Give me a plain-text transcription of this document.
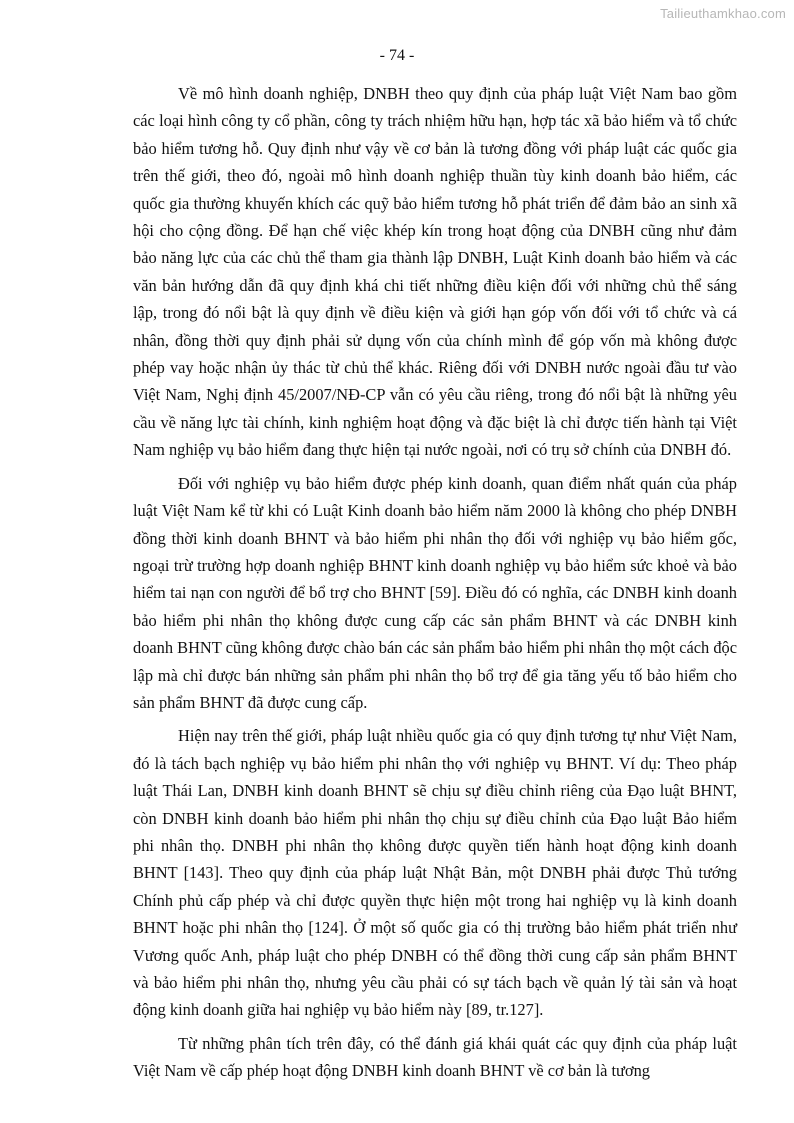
Tailieuthamkhao.com
- 74 -

Về mô hình doanh nghiệp, DNBH theo quy định của pháp luật Việt Nam bao gồm các loại hình công ty cổ phần, công ty trách nhiệm hữu hạn, hợp tác xã bảo hiểm và tổ chức bảo hiểm tương hỗ. Quy định như vậy về cơ bản là tương đồng với pháp luật các quốc gia trên thế giới, theo đó, ngoài mô hình doanh nghiệp thuần tùy kinh doanh bảo hiểm, các quốc gia thường khuyến khích các quỹ bảo hiểm tương hỗ phát triển để đảm bảo an sinh xã hội cho cộng đồng. Để hạn chế việc khép kín trong hoạt động của DNBH cũng như đảm bảo năng lực của các chủ thể tham gia thành lập DNBH, Luật Kinh doanh bảo hiểm và các văn bản hướng dẫn đã quy định khá chi tiết những điều kiện đối với những chủ thể sáng lập, trong đó nổi bật là quy định về điều kiện và giới hạn góp vốn đối với tổ chức và cá nhân, đồng thời quy định phải sử dụng vốn của chính mình để góp vốn mà không được phép vay hoặc nhận ủy thác từ chủ thể khác. Riêng đối với DNBH nước ngoài đầu tư vào Việt Nam, Nghị định 45/2007/NĐ-CP vẫn có yêu cầu riêng, trong đó nổi bật là những yêu cầu về năng lực tài chính, kinh nghiệm hoạt động và đặc biệt là chỉ được tiến hành tại Việt Nam nghiệp vụ bảo hiểm đang thực hiện tại nước ngoài, nơi có trụ sở chính của DNBH đó.

Đối với nghiệp vụ bảo hiểm được phép kinh doanh, quan điểm nhất quán của pháp luật Việt Nam kể từ khi có Luật Kinh doanh bảo hiểm năm 2000 là không cho phép DNBH đồng thời kinh doanh BHNT và bảo hiểm phi nhân thọ đối với nghiệp vụ bảo hiểm gốc, ngoại trừ trường hợp doanh nghiệp BHNT kinh doanh nghiệp vụ bảo hiểm sức khoẻ và bảo hiểm tai nạn con người để bổ trợ cho BHNT [59]. Điều đó có nghĩa, các DNBH kinh doanh bảo hiểm phi nhân thọ không được cung cấp các sản phẩm BHNT và các DNBH kinh doanh BHNT cũng không được chào bán các sản phẩm bảo hiểm phi nhân thọ một cách độc lập mà chỉ được bán những sản phẩm phi nhân thọ bổ trợ để gia tăng yếu tố bảo hiểm cho sản phẩm BHNT đã được cung cấp.

Hiện nay trên thế giới, pháp luật nhiều quốc gia có quy định tương tự như Việt Nam, đó là tách bạch nghiệp vụ bảo hiểm phi nhân thọ với nghiệp vụ BHNT. Ví dụ: Theo pháp luật Thái Lan, DNBH kinh doanh BHNT sẽ chịu sự điều chỉnh riêng của Đạo luật BHNT, còn DNBH kinh doanh bảo hiểm phi nhân thọ chịu sự điều chỉnh của Đạo luật Bảo hiểm phi nhân thọ. DNBH phi nhân thọ không được quyền tiến hành hoạt động kinh doanh BHNT [143]. Theo quy định của pháp luật Nhật Bản, một DNBH phải được Thủ tướng Chính phủ cấp phép và chỉ được quyền thực hiện một trong hai nghiệp vụ là kinh doanh BHNT hoặc phi nhân thọ [124]. Ở một số quốc gia có thị trường bảo hiểm phát triển như Vương quốc Anh, pháp luật cho phép DNBH có thể đồng thời cung cấp sản phẩm BHNT và bảo hiểm phi nhân thọ, nhưng yêu cầu phải có sự tách bạch về quản lý tài sản và hoạt động kinh doanh giữa hai nghiệp vụ bảo hiểm này [89, tr.127].

Từ những phân tích trên đây, có thể đánh giá khái quát các quy định của pháp luật Việt Nam về cấp phép hoạt động DNBH kinh doanh BHNT về cơ bản là tương
